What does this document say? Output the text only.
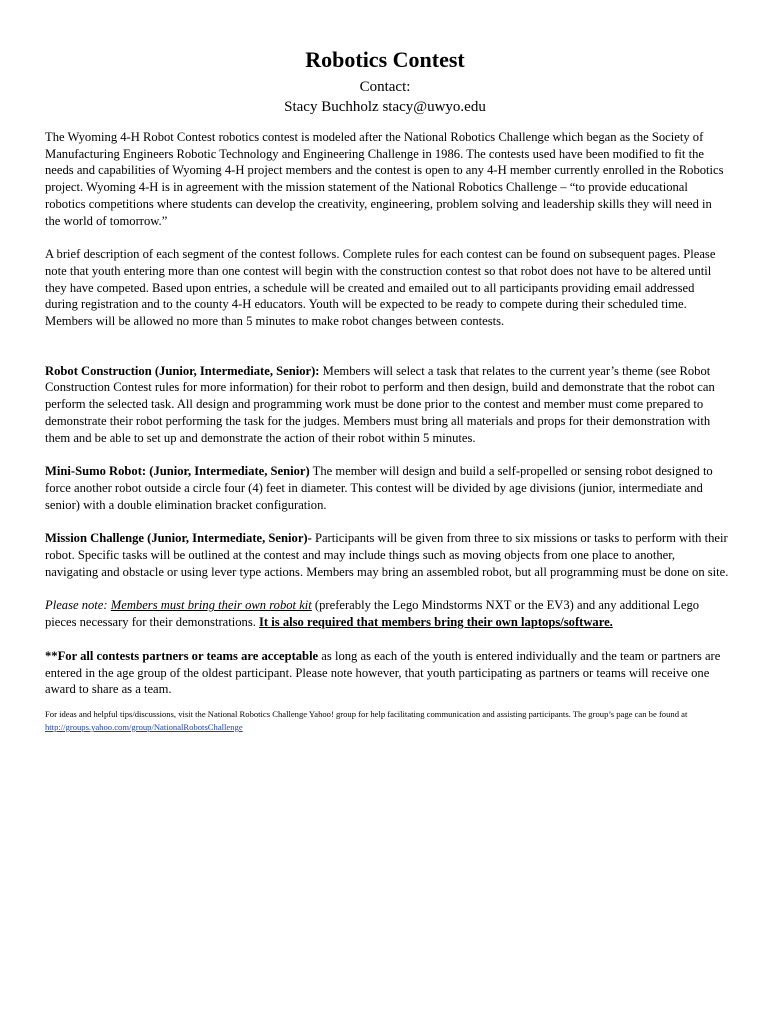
Robotics Contest
Contact:
Stacy Buchholz stacy@uwyo.edu

The Wyoming 4-H Robot Contest robotics contest is modeled after the National Robotics Challenge which began as the Society of Manufacturing Engineers Robotic Technology and Engineering Challenge in 1986. The contests used have been modified to fit the needs and capabilities of Wyoming 4-H project members and the contest is open to any 4-H member currently enrolled in the Robotics project. Wyoming 4-H is in agreement with the mission statement of the National Robotics Challenge – “to provide educational robotics competitions where students can develop the creativity, engineering, problem solving and leadership skills they will need in the world of tomorrow.”

A brief description of each segment of the contest follows. Complete rules for each contest can be found on subsequent pages. Please note that youth entering more than one contest will begin with the construction contest so that robot does not have to be altered until they have competed. Based upon entries, a schedule will be created and emailed out to all participants providing email addressed during registration and to the county 4-H educators. Youth will be expected to be ready to compete during their scheduled time. Members will be allowed no more than 5 minutes to make robot changes between contests.

Robot Construction (Junior, Intermediate, Senior): Members will select a task that relates to the current year’s theme (see Robot Construction Contest rules for more information) for their robot to perform and then design, build and demonstrate that the robot can perform the selected task. All design and programming work must be done prior to the contest and member must come prepared to demonstrate their robot performing the task for the judges. Members must bring all materials and props for their demonstration with them and be able to set up and demonstrate the action of their robot within 5 minutes.

Mini-Sumo Robot: (Junior, Intermediate, Senior) The member will design and build a self-propelled or sensing robot designed to force another robot outside a circle four (4) feet in diameter. This contest will be divided by age divisions (junior, intermediate and senior) with a double elimination bracket configuration.

Mission Challenge (Junior, Intermediate, Senior)- Participants will be given from three to six missions or tasks to perform with their robot. Specific tasks will be outlined at the contest and may include things such as moving objects from one place to another, navigating and obstacle or using lever type actions. Members may bring an assembled robot, but all programming must be done on site.

Please note: Members must bring their own robot kit (preferably the Lego Mindstorms NXT or the EV3) and any additional Lego pieces necessary for their demonstrations. It is also required that members bring their own laptops/software.

**For all contests partners or teams are acceptable as long as each of the youth is entered individually and the team or partners are entered in the age group of the oldest participant. Please note however, that youth participating as partners or teams will receive one award to share as a team.

For ideas and helpful tips/discussions, visit the National Robotics Challenge Yahoo! group for help facilitating communication and assisting participants. The group’s page can be found at http://groups.yahoo.com/group/NationalRobotsChallenge
